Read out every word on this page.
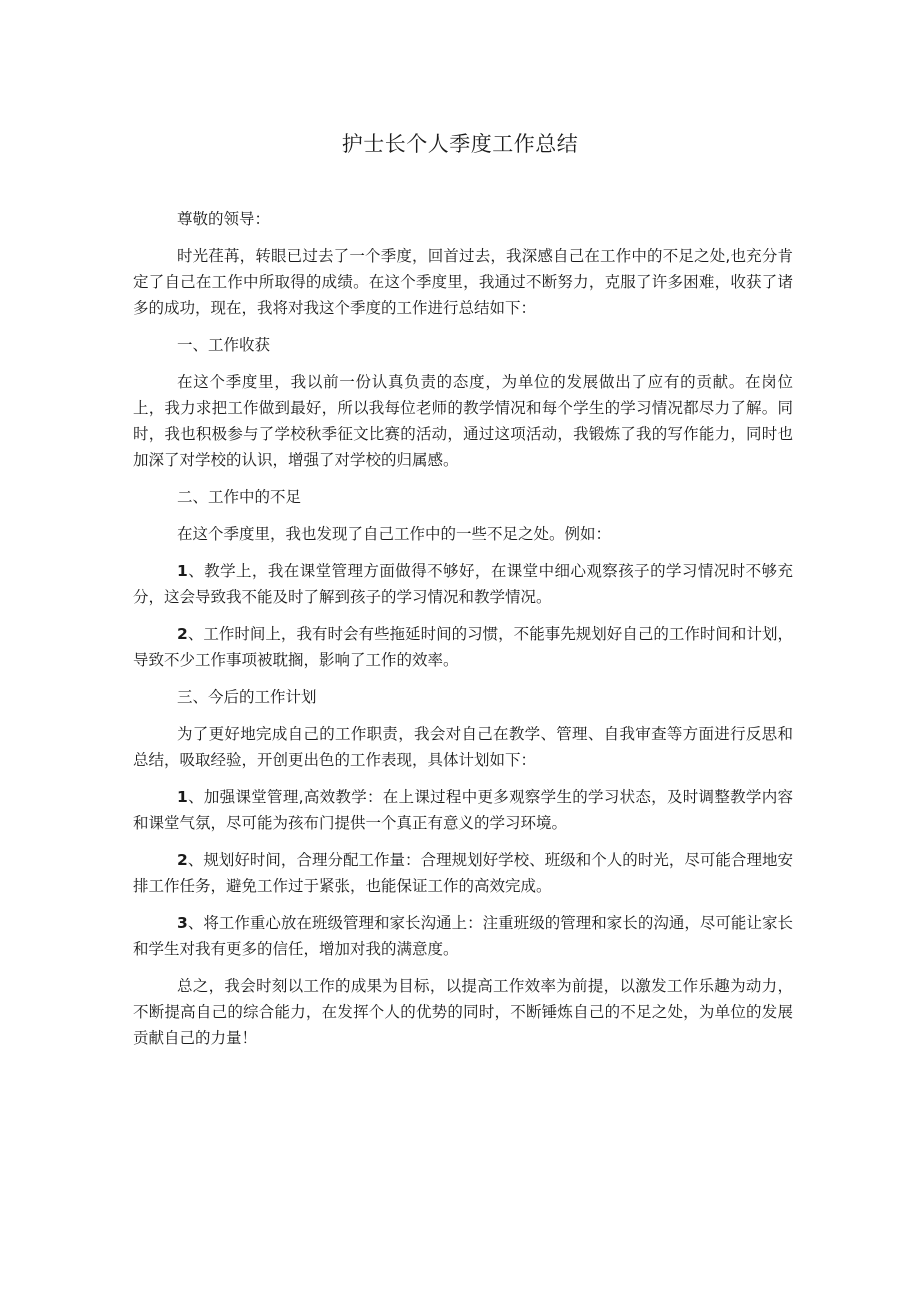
护士长个人季度工作总结

尊敬的领导：

时光荏苒，转眼已过去了一个季度，回首过去，我深感自己在工作中的不足之处,也充分肯定了自己在工作中所取得的成绩。在这个季度里，我通过不断努力，克服了许多困难，收获了诸多的成功，现在，我将对我这个季度的工作进行总结如下：

一、工作收获

在这个季度里，我以前一份认真负责的态度，为单位的发展做出了应有的贡献。在岗位上，我力求把工作做到最好，所以我每位老师的教学情况和每个学生的学习情况都尽力了解。同时，我也积极参与了学校秋季征文比赛的活动，通过这项活动，我锻炼了我的写作能力，同时也加深了对学校的认识，增强了对学校的归属感。

二、工作中的不足

在这个季度里，我也发现了自己工作中的一些不足之处。例如：

1、教学上，我在课堂管理方面做得不够好，在课堂中细心观察孩子的学习情况时不够充分，这会导致我不能及时了解到孩子的学习情况和教学情况。

2、工作时间上，我有时会有些拖延时间的习惯，不能事先规划好自己的工作时间和计划，导致不少工作事项被耽搁，影响了工作的效率。

三、今后的工作计划

为了更好地完成自己的工作职责，我会对自己在教学、管理、自我审查等方面进行反思和总结，吸取经验，开创更出色的工作表现，具体计划如下：

1、加强课堂管理,高效教学：在上课过程中更多观察学生的学习状态，及时调整教学内容和课堂气氛，尽可能为孩布门提供一个真正有意义的学习环境。

2、规划好时间，合理分配工作量：合理规划好学校、班级和个人的时光，尽可能合理地安排工作任务，避免工作过于紧张，也能保证工作的高效完成。

3、将工作重心放在班级管理和家长沟通上：注重班级的管理和家长的沟通，尽可能让家长和学生对我有更多的信任，增加对我的满意度。

总之，我会时刻以工作的成果为目标，以提高工作效率为前提，以激发工作乐趣为动力，不断提高自己的综合能力，在发挥个人的优势的同时，不断锤炼自己的不足之处，为单位的发展贡献自己的力量！
